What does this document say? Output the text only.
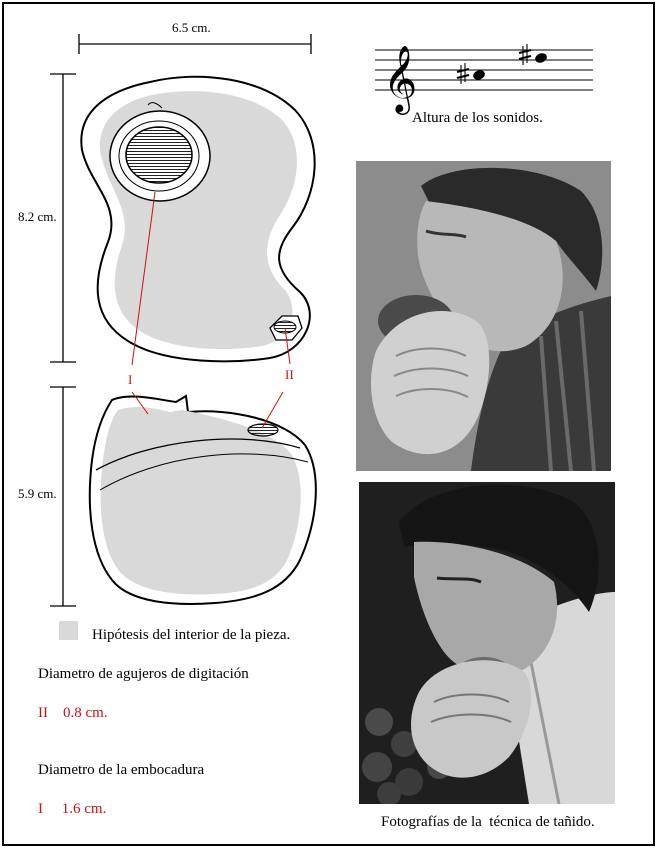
6.5 cm.
8.2 cm.
5.9 cm.
I	II
Hipótesis del interior de la pieza.
Diametro de agujeros de digitación
II    0.8 cm.
Diametro de la embocadura
I     1.6 cm.
𝄞
Altura de los sonidos.
Fotografías de la  técnica de tañido.
